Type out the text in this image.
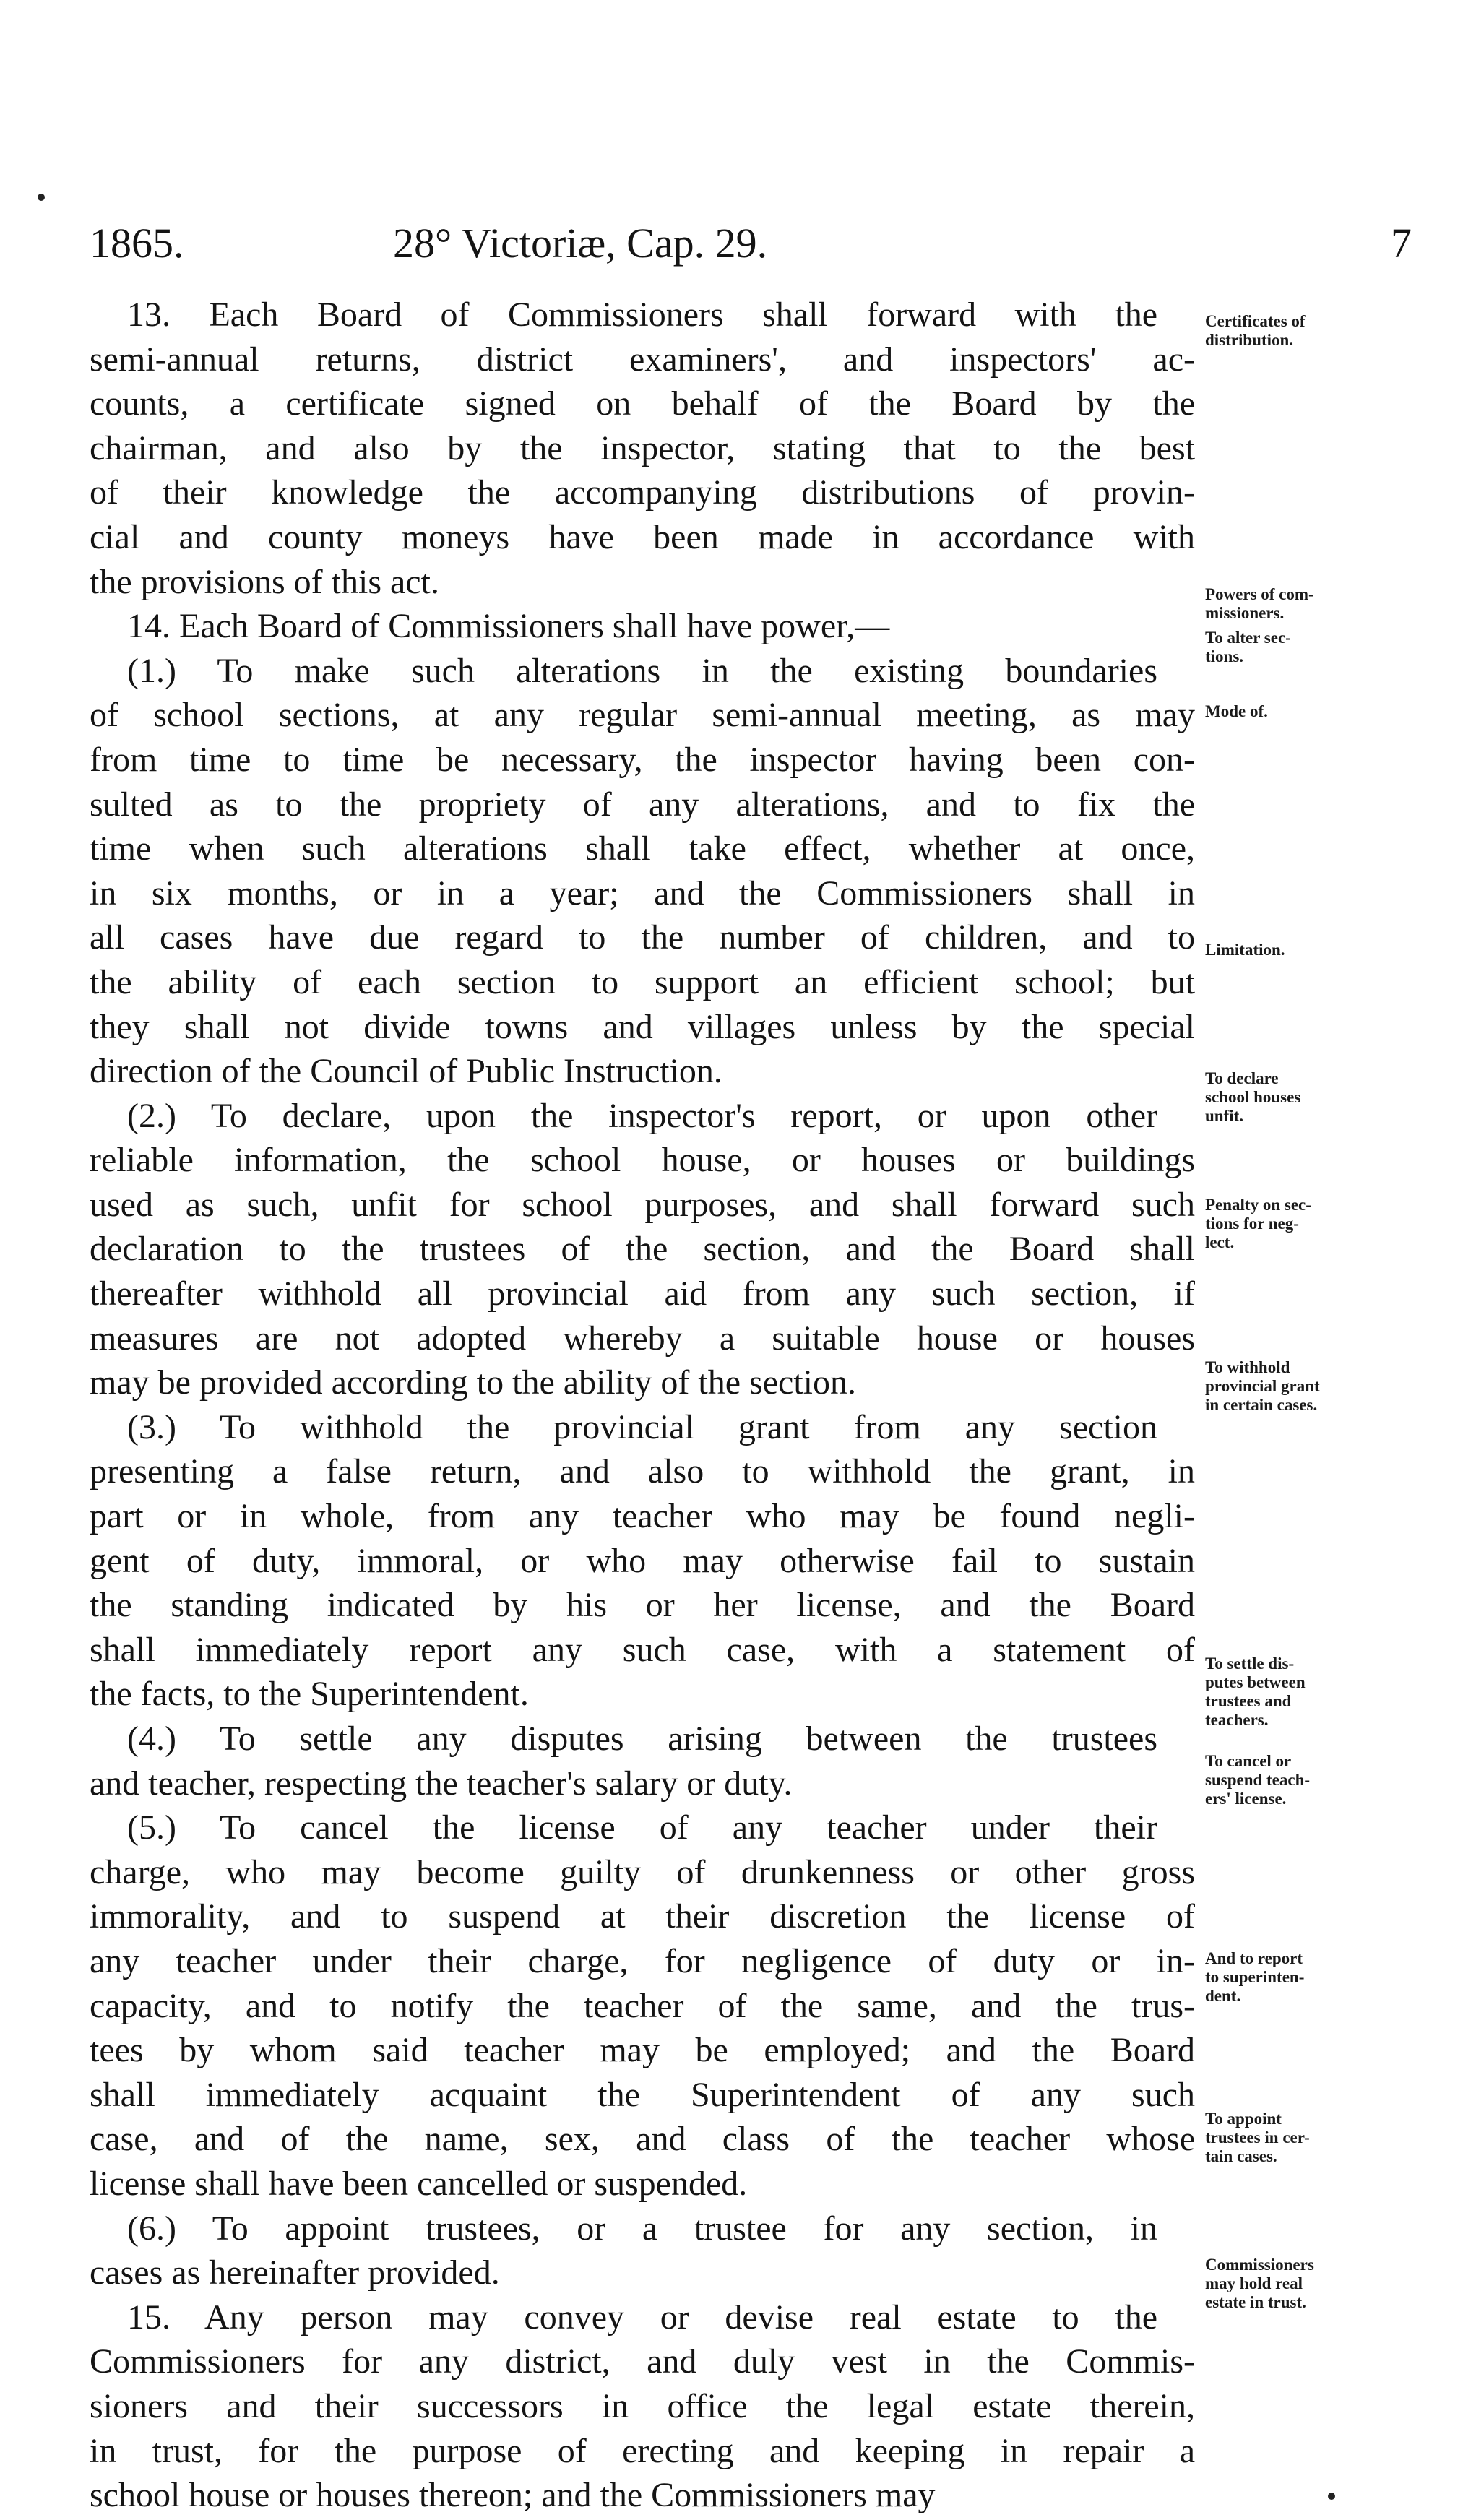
1865.	28° Victoriæ, Cap. 29.	7
13. Each Board of Commissioners shall forward with the
semi-annual returns, district examiners', and inspectors' ac-
counts, a certificate signed on behalf of the Board by the
chairman, and also by the inspector, stating that to the best
of their knowledge the accompanying distributions of provin-
cial and county moneys have been made in accordance with
the provisions of this act.
14. Each Board of Commissioners shall have power,—
(1.) To make such alterations in the existing boundaries
of school sections, at any regular semi-annual meeting, as may
from time to time be necessary, the inspector having been con-
sulted as to the propriety of any alterations, and to fix the
time when such alterations shall take effect, whether at once,
in six months, or in a year; and the Commissioners shall in
all cases have due regard to the number of children, and to
the ability of each section to support an efficient school; but
they shall not divide towns and villages unless by the special
direction of the Council of Public Instruction.
(2.) To declare, upon the inspector's report, or upon other
reliable information, the school house, or houses or buildings
used as such, unfit for school purposes, and shall forward such
declaration to the trustees of the section, and the Board shall
thereafter withhold all provincial aid from any such section, if
measures are not adopted whereby a suitable house or houses
may be provided according to the ability of the section.
(3.) To withhold the provincial grant from any section
presenting a false return, and also to withhold the grant, in
part or in whole, from any teacher who may be found negli-
gent of duty, immoral, or who may otherwise fail to sustain
the standing indicated by his or her license, and the Board
shall immediately report any such case, with a statement of
the facts, to the Superintendent.
(4.) To settle any disputes arising between the trustees
and teacher, respecting the teacher's salary or duty.
(5.) To cancel the license of any teacher under their
charge, who may become guilty of drunkenness or other gross
immorality, and to suspend at their discretion the license of
any teacher under their charge, for negligence of duty or in-
capacity, and to notify the teacher of the same, and the trus-
tees by whom said teacher may be employed; and the Board
shall immediately acquaint the Superintendent of any such
case, and of the name, sex, and class of the teacher whose
license shall have been cancelled or suspended.
(6.) To appoint trustees, or a trustee for any section, in
cases as hereinafter provided.
15. Any person may convey or devise real estate to the
Commissioners for any district, and duly vest in the Commis-
sioners and their successors in office the legal estate therein,
in trust, for the purpose of erecting and keeping in repair a
school house or houses thereon; and the Commissioners may
Certificates of
distribution.
Powers of com-
missioners.
To alter sec-
tions.
Mode of.
Limitation.
To declare
school houses
unfit.
Penalty on sec-
tions for neg-
lect.
To withhold
provincial grant
in certain cases.
To settle dis-
putes between
trustees and
teachers.
To cancel or
suspend teach-
ers' license.
And to report
to superinten-
dent.
To appoint
trustees in cer-
tain cases.
Commissioners
may hold real
estate in trust.
